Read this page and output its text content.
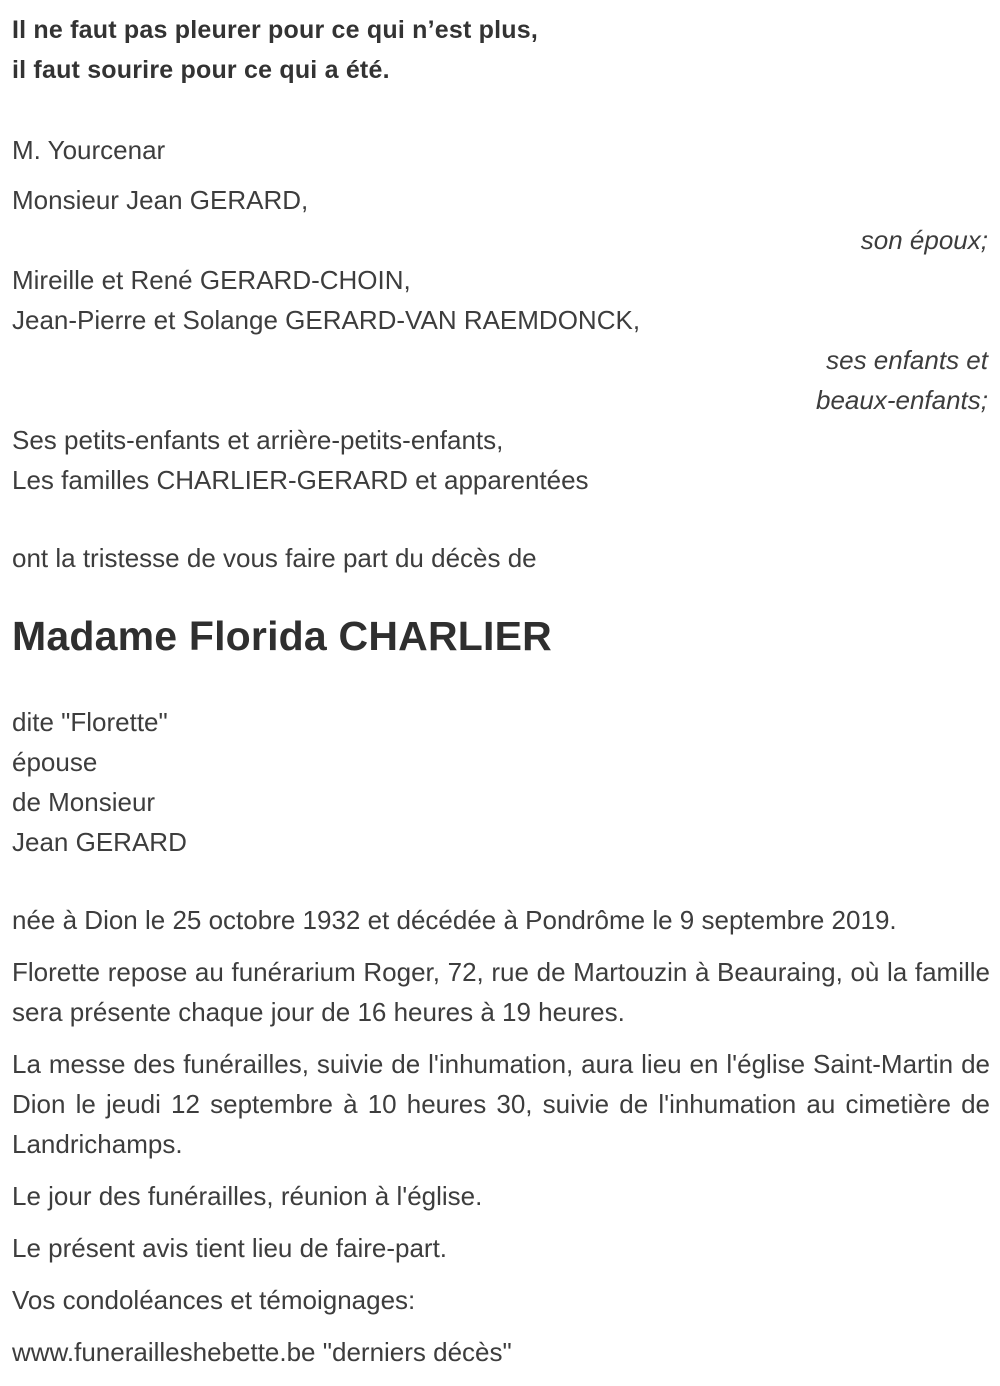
Il ne faut pas pleurer pour ce qui n’est plus,
il faut sourire pour ce qui a été.
M. Yourcenar
Monsieur Jean GERARD,
son époux;
Mireille et René GERARD-CHOIN,
Jean-Pierre et Solange GERARD-VAN RAEMDONCK,
ses enfants et
beaux-enfants;
Ses petits-enfants et arrière-petits-enfants,
Les familles CHARLIER-GERARD et apparentées
ont la tristesse de vous faire part du décès de
Madame Florida CHARLIER
dite "Florette"
épouse
de Monsieur
Jean GERARD

née à Dion le 25 octobre 1932 et décédée à Pondrôme le 9 septembre 2019.

Florette repose au funérarium Roger, 72, rue de Martouzin à Beauraing, où la famille sera présente chaque jour de 16 heures à 19 heures.

La messe des funérailles, suivie de l'inhumation, aura lieu en l'église Saint-Martin de Dion le jeudi 12 septembre à 10 heures 30, suivie de l'inhumation au cimetière de Landrichamps.

Le jour des funérailles, réunion à l'église.

Le présent avis tient lieu de faire-part.

Vos condoléances et témoignages:

www.funerailleshebette.be "derniers décès"
